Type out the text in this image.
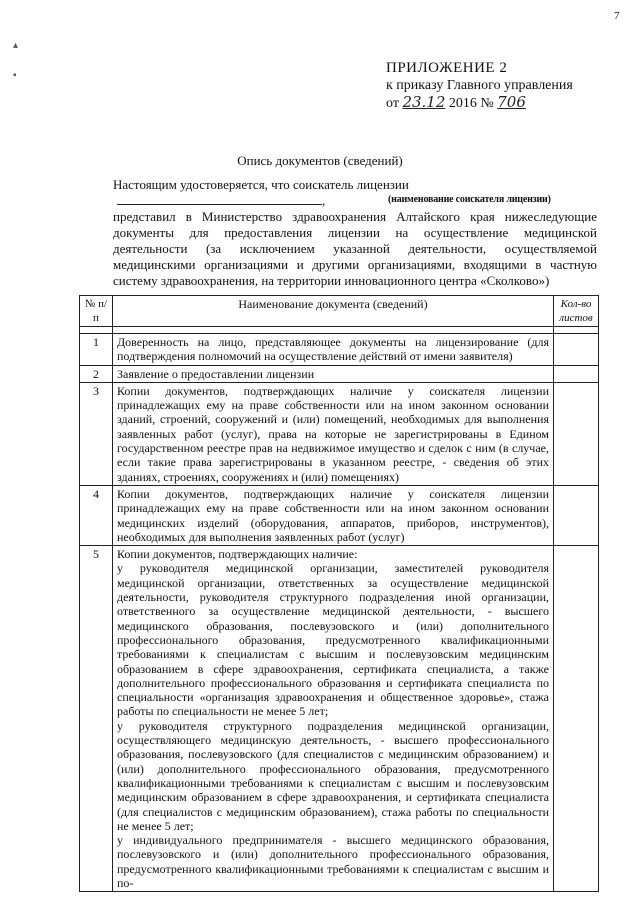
7
▴
▪	ПРИЛОЖЕНИЕ 2
к приказу Главного управления
от 23.12 2016 № 706
Опись документов (сведений)
Настоящим удостоверяется, что соискатель лицензии,	(наименование соискателя лицензии)
представил в Министерство здравоохранения Алтайского края нижеследующие документы для предоставления лицензии на осуществление медицинской деятельности (за исключением указанной деятельности, осуществляемой медицинскими организациями и другими организациями, входящими в частную систему здравоохранения, на территории инновационного центра «Сколково»)
№ п/п	Наименование документа (сведений)	Кол-во листов

1	Доверенность на лицо, представляющее документы на лицензирование (для подтверждения полномочий на осуществление действий от имени заявителя)	

2	Заявление о предоставлении лицензии	

3	Копии документов, подтверждающих наличие у соискателя лицензии принадлежащих ему на праве собственности или на ином законном основании зданий, строений, сооружений и (или) помещений, необходимых для выполнения заявленных работ (услуг), права на которые не зарегистрированы в Едином государственном реестре прав на недвижимое имущество и сделок с ним (в случае, если такие права зарегистрированы в указанном реестре, - сведения об этих зданиях, строениях, сооружениях и (или) помещениях)	

4	Копии документов, подтверждающих наличие у соискателя лицензии принадлежащих ему на праве собственности или на ином законном основании медицинских изделий (оборудования, аппаратов, приборов, инструментов), необходимых для выполнения заявленных работ (услуг)	

5	Копии документов, подтверждающих наличие:
у руководителя медицинской организации, заместителей руководителя медицинской организации, ответственных за осуществление медицинской деятельности, руководителя структурного подразделения иной организации, ответственного за осуществление медицинской деятельности, - высшего медицинского образования, послевузовского и (или) дополнительного профессионального образования, предусмотренного квалификационными требованиями к специалистам с высшим и послевузовским медицинским образованием в сфере здравоохранения, сертификата специалиста, а также дополнительного профессионального образования и сертификата специалиста по специальности «организация здравоохранения и общественное здоровье», стажа работы по специальности не менее 5 лет;
у руководителя структурного подразделения медицинской организации, осуществляющего медицинскую деятельность, - высшего профессионального образования, послевузовского (для специалистов с медицинским образованием) и (или) дополнительного профессионального образования, предусмотренного квалификационными требованиями к специалистам с высшим и послевузовским медицинским образованием в сфере здравоохранения, и сертификата специалиста (для специалистов с медицинским образованием), стажа работы по специальности не менее 5 лет;
у индивидуального предпринимателя - высшего медицинского образования, послевузовского и (или) дополнительного профессионального образования, предусмотренного квалификационными требованиями к специалистам с высшим и по-	
